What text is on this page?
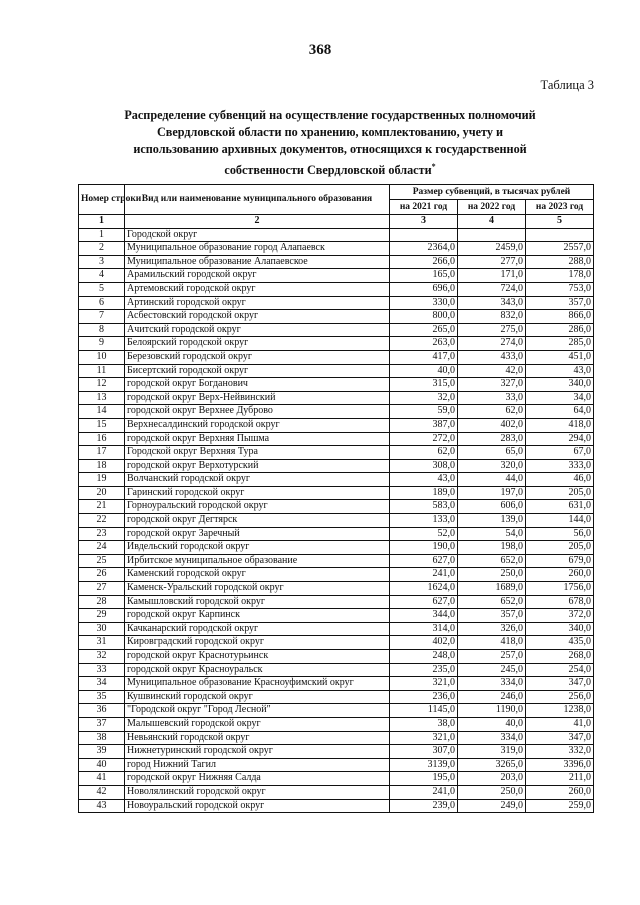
368
Таблица 3
Распределение субвенций на осуществление государственных полномочий Свердловской области по хранению, комплектованию, учету и использованию архивных документов, относящихся к государственной собственности Свердловской области*
Номер строки	Вид или наименование муниципального образования	Размер субвенций, в тысячах рублей		
		на 2021 год	на 2022 год	на 2023 год
1	2	3	4	5
1	Городской округ			
2	Муниципальное образование город Алапаевск	2364,0	2459,0	2557,0
3	Муниципальное образование Алапаевское	266,0	277,0	288,0
4	Арамильский городской округ	165,0	171,0	178,0
5	Артемовский городской округ	696,0	724,0	753,0
6	Артинский городской округ	330,0	343,0	357,0
7	Асбестовский городской округ	800,0	832,0	866,0
8	Ачитский городской округ	265,0	275,0	286,0
9	Белоярский городской округ	263,0	274,0	285,0
10	Березовский городской округ	417,0	433,0	451,0
11	Бисертский городской округ	40,0	42,0	43,0
12	городской округ Богданович	315,0	327,0	340,0
13	городской округ Верх-Нейвинский	32,0	33,0	34,0
14	городской округ Верхнее Дуброво	59,0	62,0	64,0
15	Верхнесалдинский городской округ	387,0	402,0	418,0
16	городской округ Верхняя Пышма	272,0	283,0	294,0
17	Городской округ Верхняя Тура	62,0	65,0	67,0
18	городской округ Верхотурский	308,0	320,0	333,0
19	Волчанский городской округ	43,0	44,0	46,0
20	Гаринский городской округ	189,0	197,0	205,0
21	Горноуральский городской округ	583,0	606,0	631,0
22	городской округ Дегтярск	133,0	139,0	144,0
23	городской округ Заречный	52,0	54,0	56,0
24	Ивдельский городской округ	190,0	198,0	205,0
25	Ирбитское муниципальное образование	627,0	652,0	679,0
26	Каменский городской округ	241,0	250,0	260,0
27	Каменск-Уральский городской округ	1624,0	1689,0	1756,0
28	Камышловский городской округ	627,0	652,0	678,0
29	городской округ Карпинск	344,0	357,0	372,0
30	Качканарский городской округ	314,0	326,0	340,0
31	Кировградский городской округ	402,0	418,0	435,0
32	городской округ Краснотурьинск	248,0	257,0	268,0
33	городской округ Красноуральск	235,0	245,0	254,0
34	Муниципальное образование Красноуфимский округ	321,0	334,0	347,0
35	Кушвинский городской округ	236,0	246,0	256,0
36	"Городской округ "Город Лесной"	1145,0	1190,0	1238,0
37	Малышевский городской округ	38,0	40,0	41,0
38	Невьянский городской округ	321,0	334,0	347,0
39	Нижнетуринский городской округ	307,0	319,0	332,0
40	город Нижний Тагил	3139,0	3265,0	3396,0
41	городской округ Нижняя Салда	195,0	203,0	211,0
42	Новолялинский городской округ	241,0	250,0	260,0
43	Новоуральский городской округ	239,0	249,0	259,0
